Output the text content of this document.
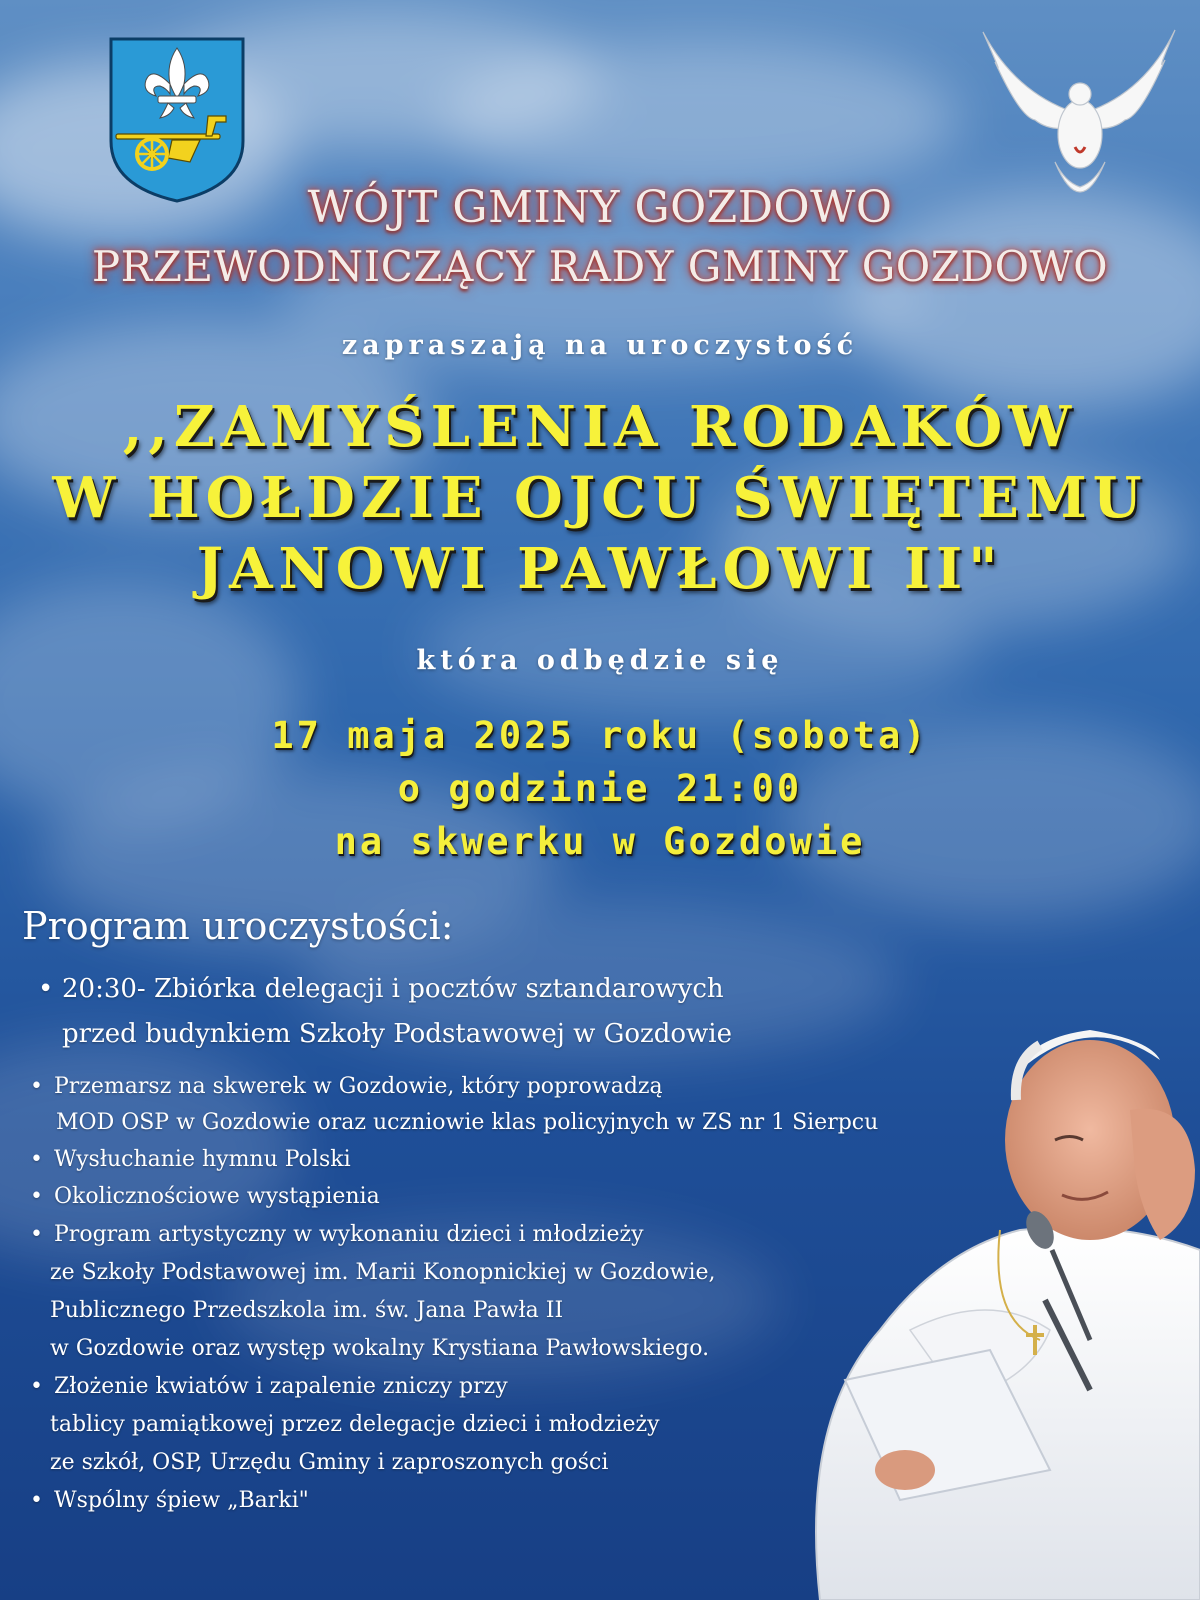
WÓJT GMINY GOZDOWO
PRZEWODNICZĄCY RADY GMINY GOZDOWO
zapraszają na uroczystość
,,ZAMYŚLENIA RODAKÓW
W HOŁDZIE OJCU ŚWIĘTEMU
JANOWI PAWŁOWI II"
która odbędzie się
17 maja 2025 roku (sobota)
o godzinie 21:00
na skwerku w Gozdowie
Program uroczystości:
• 20:30- Zbiórka delegacji i pocztów sztandarowych
przed budynkiem Szkoły Podstawowej w Gozdowie
• Przemarsz na skwerek w Gozdowie, który poprowadzą
MOD OSP w Gozdowie oraz uczniowie klas policyjnych w ZS nr 1 Sierpcu
• Wysłuchanie hymnu Polski
• Okolicznościowe wystąpienia
• Program artystyczny w wykonaniu dzieci i młodzieży
ze Szkoły Podstawowej im. Marii Konopnickiej w Gozdowie,
Publicznego Przedszkola im. św. Jana Pawła II
w Gozdowie oraz występ wokalny Krystiana Pawłowskiego.
• Złożenie kwiatów i zapalenie zniczy przy
tablicy pamiątkowej przez delegacje dzieci i młodzieży
ze szkół, OSP, Urzędu Gminy i zaproszonych gości
• Wspólny śpiew „Barki"
